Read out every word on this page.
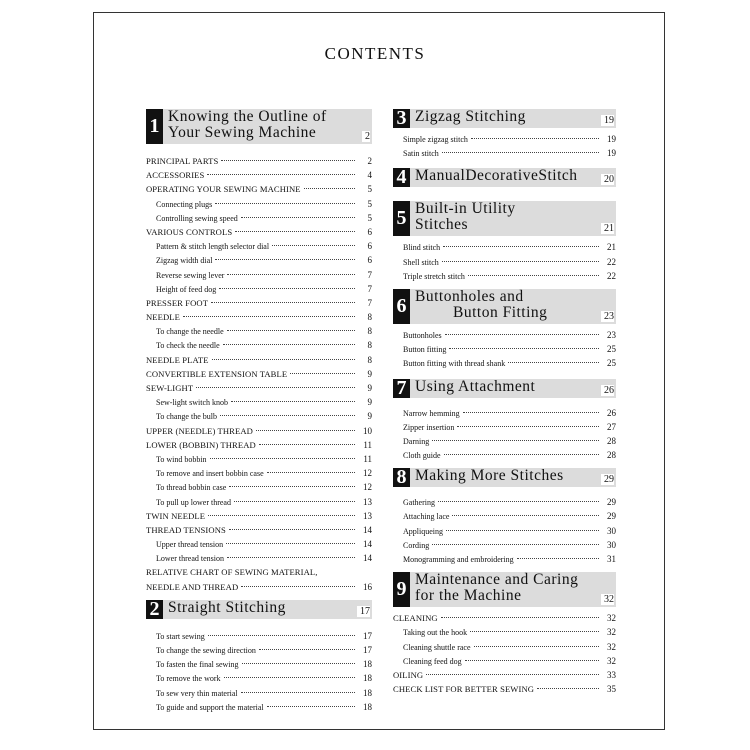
CONTENTS
1 Knowing the Outline of
Your Sewing Machine	2
PRINCIPAL PARTS	2
ACCESSORIES	4
OPERATING YOUR SEWING MACHINE	5
Connecting plugs	5
Controlling sewing speed	5
VARIOUS CONTROLS	6
Pattern & stitch length selector dial	6
Zigzag width dial	6
Reverse sewing lever	7
Height of feed dog	7
PRESSER FOOT	7
NEEDLE	8
To change the needle	8
To check the needle	8
NEEDLE PLATE	8
CONVERTIBLE EXTENSION TABLE	9
SEW-LIGHT	9
Sew-light switch knob	9
To change the bulb	9
UPPER (NEEDLE) THREAD	10
LOWER (BOBBIN) THREAD	11
To wind bobbin	11
To remove and insert bobbin case	12
To thread bobbin case	12
To pull up lower thread	13
TWIN NEEDLE	13
THREAD TENSIONS	14
Upper thread tension	14
Lower thread tension	14
RELATIVE CHART OF SEWING MATERIAL,
NEEDLE AND THREAD	16
2 Straight Stitching	17
To start sewing	17
To change the sewing direction	17
To fasten the final sewing	18
To remove the work	18
To sew very thin material	18
To guide and support the material	18
3 Zigzag Stitching	19
Simple zigzag stitch	19
Satin stitch	19
4 ManualDecorativeStitch	20
5 Built-in Utility
Stitches	21
Blind stitch	21
Shell stitch	22
Triple stretch stitch	22
6 Buttonholes and
Button Fitting	23
Buttonholes	23
Button fitting	25
Button fitting with thread shank	25
7 Using Attachment	26
Narrow hemming	26
Zipper insertion	27
Darning	28
Cloth guide	28
8 Making More Stitches	29
Gathering	29
Attaching lace	29
Appliqueing	30
Cording	30
Monogramming and embroidering	31
9 Maintenance and Caring
for the Machine	32
CLEANING	32
Taking out the hook	32
Cleaning shuttle race	32
Cleaning feed dog	32
OILING	33
CHECK LIST FOR BETTER SEWING	35
